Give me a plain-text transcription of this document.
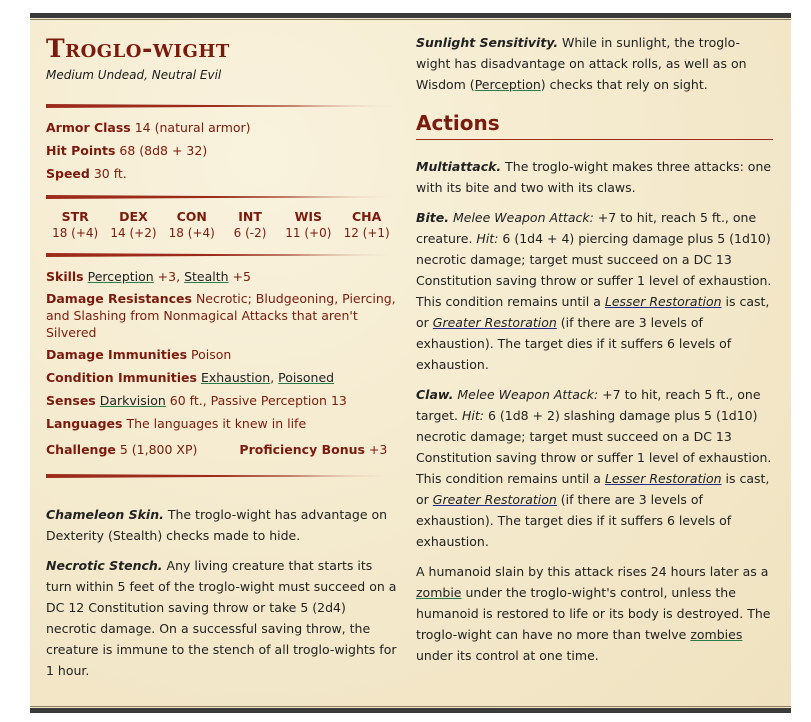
Troglo-wight
Medium Undead, Neutral Evil
Armor Class 14 (natural armor)
Hit Points 68 (8d8 + 32)
Speed 30 ft.
STR
18 (+4)
DEX
14 (+2)
CON
18 (+4)
INT
6 (-2)
WIS
11 (+0)
CHA
12 (+1)
Skills Perception +3, Stealth +5
Damage Resistances Necrotic; Bludgeoning, Piercing, and Slashing from Nonmagical Attacks that aren't Silvered
Damage Immunities Poison
Condition Immunities Exhaustion, Poisoned
Senses Darkvision 60 ft., Passive Perception 13
Languages The languages it knew in life
Challenge 5 (1,800 XP)	Proficiency Bonus +3
Chameleon Skin. The troglo-wight has advantage on Dexterity (Stealth) checks made to hide.
Necrotic Stench. Any living creature that starts its turn within 5 feet of the troglo-wight must succeed on a DC 12 Constitution saving throw or take 5 (2d4) necrotic damage. On a successful saving throw, the creature is immune to the stench of all troglo-wights for 1 hour.
Sunlight Sensitivity. While in sunlight, the troglo-wight has disadvantage on attack rolls, as well as on Wisdom (Perception) checks that rely on sight.
Actions
Multiattack. The troglo-wight makes three attacks: one with its bite and two with its claws.
Bite. Melee Weapon Attack: +7 to hit, reach 5 ft., one creature. Hit: 6 (1d4 + 4) piercing damage plus 5 (1d10) necrotic damage; target must succeed on a DC 13 Constitution saving throw or suffer 1 level of exhaustion. This condition remains until a Lesser Restoration is cast, or Greater Restoration (if there are 3 levels of exhaustion). The target dies if it suffers 6 levels of exhaustion.
Claw. Melee Weapon Attack: +7 to hit, reach 5 ft., one target. Hit: 6 (1d8 + 2) slashing damage plus 5 (1d10) necrotic damage; target must succeed on a DC 13 Constitution saving throw or suffer 1 level of exhaustion. This condition remains until a Lesser Restoration is cast, or Greater Restoration (if there are 3 levels of exhaustion). The target dies if it suffers 6 levels of exhaustion.
A humanoid slain by this attack rises 24 hours later as a zombie under the troglo-wight's control, unless the humanoid is restored to life or its body is destroyed. The troglo-wight can have no more than twelve zombies under its control at one time.
